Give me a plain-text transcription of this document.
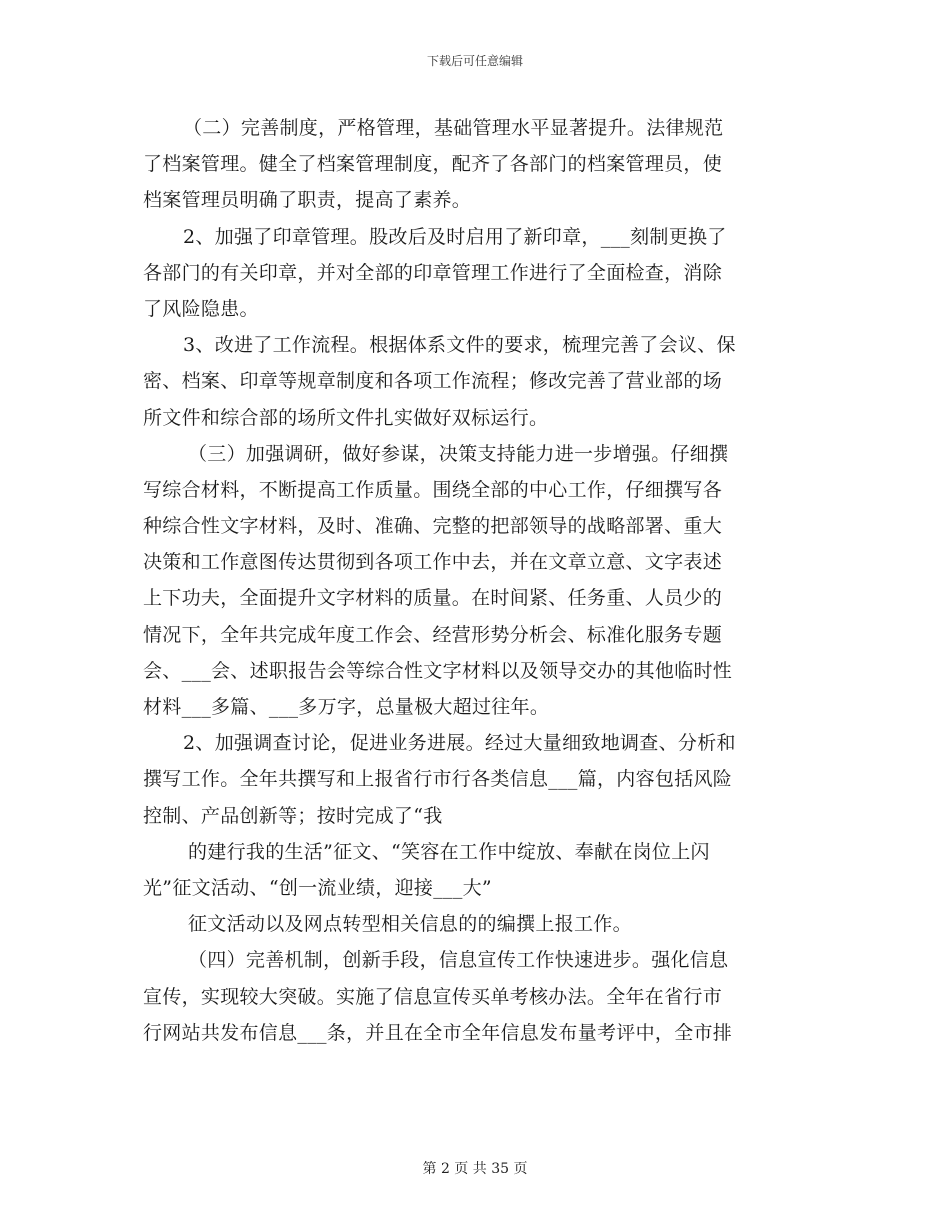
下载后可任意编辑
（二）完善制度，严格管理，基础管理水平显著提升。法律规范
了档案管理。健全了档案管理制度，配齐了各部门的档案管理员，使
档案管理员明确了职责，提高了素养。
2、加强了印章管理。股改后及时启用了新印章，___刻制更换了
各部门的有关印章，并对全部的印章管理工作进行了全面检查，消除
了风险隐患。
3、改进了工作流程。根据体系文件的要求，梳理完善了会议、保
密、档案、印章等规章制度和各项工作流程；修改完善了营业部的场
所文件和综合部的场所文件扎实做好双标运行。
（三）加强调研，做好参谋，决策支持能力进一步增强。仔细撰
写综合材料，不断提高工作质量。围绕全部的中心工作，仔细撰写各
种综合性文字材料，及时、准确、完整的把部领导的战略部署、重大
决策和工作意图传达贯彻到各项工作中去，并在文章立意、文字表述
上下功夫，全面提升文字材料的质量。在时间紧、任务重、人员少的
情况下，全年共完成年度工作会、经营形势分析会、标准化服务专题
会、___会、述职报告会等综合性文字材料以及领导交办的其他临时性
材料___多篇、___多万字，总量极大超过往年。
2、加强调查讨论，促进业务进展。经过大量细致地调查、分析和
撰写工作。全年共撰写和上报省行市行各类信息___篇，内容包括风险
控制、产品创新等；按时完成了“我
的建行我的生活”征文、“笑容在工作中绽放、奉献在岗位上闪
光”征文活动、“创一流业绩，迎接___大”
征文活动以及网点转型相关信息的的编撰上报工作。
（四）完善机制，创新手段，信息宣传工作快速进步。强化信息
宣传，实现较大突破。实施了信息宣传买单考核办法。全年在省行市
行网站共发布信息___条，并且在全市全年信息发布量考评中，全市排
第 2 页 共 35 页
